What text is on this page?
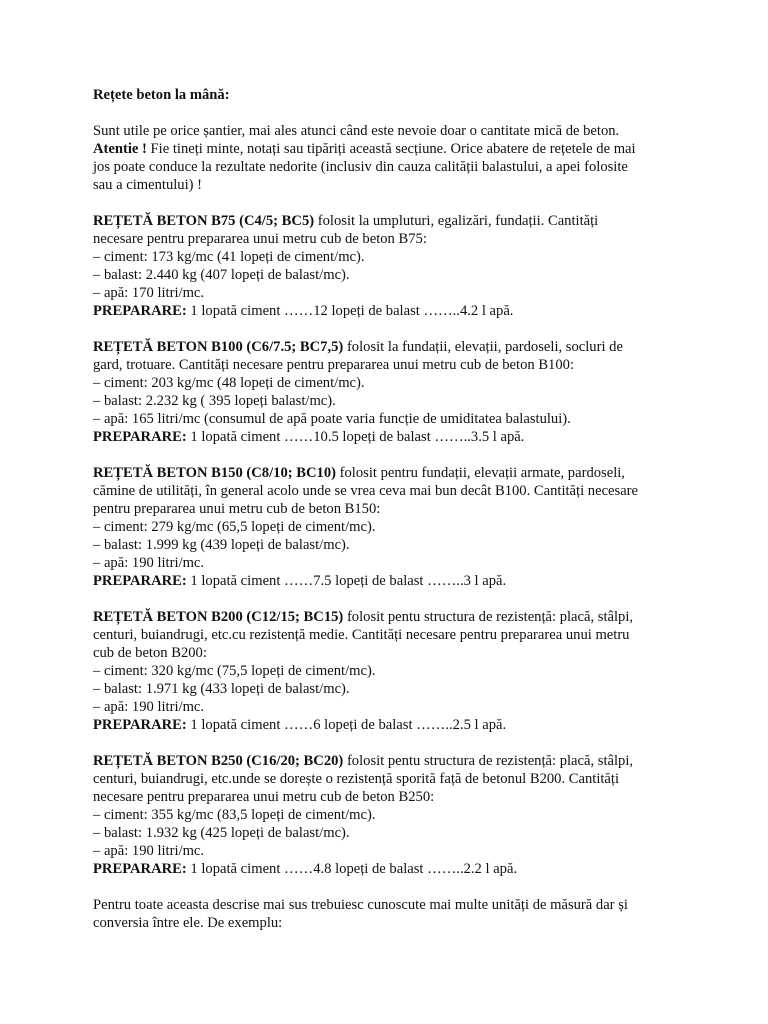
Rețete beton la mână:
Sunt utile pe orice șantier, mai ales atunci când este nevoie doar o cantitate mică de beton.
Atentie ! Fie tineți minte, notați sau tipăriți această secțiune. Orice abatere de rețetele de mai
jos poate conduce la rezultate nedorite (inclusiv din cauza calității balastului, a apei folosite
sau a cimentului) !
REȚETĂ BETON B75 (C4/5; BC5) folosit la umpluturi, egalizări, fundații. Cantități
necesare pentru prepararea unui metru cub de beton B75:
– ciment: 173 kg/mc (41 lopeți de ciment/mc).
– balast: 2.440 kg (407 lopeți de balast/mc).
– apă: 170 litri/mc.
PREPARARE: 1 lopată ciment ……12 lopeți de balast ……..4.2 l apă.
REȚETĂ BETON B100 (C6/7.5; BC7,5) folosit la fundații, elevații, pardoseli, socluri de
gard, trotuare. Cantități necesare pentru prepararea unui metru cub de beton B100:
– ciment: 203 kg/mc (48 lopeți de ciment/mc).
– balast: 2.232 kg ( 395 lopeți balast/mc).
– apă: 165 litri/mc (consumul de apă poate varia funcție de umiditatea balastului).
PREPARARE: 1 lopată ciment ……10.5 lopeți de balast ……..3.5 l apă.
REȚETĂ BETON B150 (C8/10; BC10) folosit pentru fundații, elevații armate, pardoseli,
cămine de utilități, în general acolo unde se vrea ceva mai bun decât B100. Cantități necesare
pentru prepararea unui metru cub de beton B150:
– ciment: 279 kg/mc (65,5 lopeți de ciment/mc).
– balast: 1.999 kg (439 lopeți de balast/mc).
– apă: 190 litri/mc.
PREPARARE: 1 lopată ciment ……7.5 lopeți de balast ……..3 l apă.
REȚETĂ BETON B200 (C12/15; BC15) folosit pentu structura de rezistență: placă, stâlpi,
centuri, buiandrugi, etc.cu rezistență medie. Cantități necesare pentru prepararea unui metru
cub de beton B200:
– ciment: 320 kg/mc (75,5 lopeți de ciment/mc).
– balast: 1.971 kg (433 lopeți de balast/mc).
– apă: 190 litri/mc.
PREPARARE: 1 lopată ciment ……6 lopeți de balast ……..2.5 l apă.
REȚETĂ BETON B250 (C16/20; BC20) folosit pentu structura de rezistență: placă, stâlpi,
centuri, buiandrugi, etc.unde se dorește o rezistență sporită față de betonul B200. Cantități
necesare pentru prepararea unui metru cub de beton B250:
– ciment: 355 kg/mc (83,5 lopeți de ciment/mc).
– balast: 1.932 kg (425 lopeți de balast/mc).
– apă: 190 litri/mc.
PREPARARE: 1 lopată ciment ……4.8 lopeți de balast ……..2.2 l apă.
Pentru toate aceasta descrise mai sus trebuiesc cunoscute mai multe unități de măsură dar și
conversia între ele. De exemplu:
